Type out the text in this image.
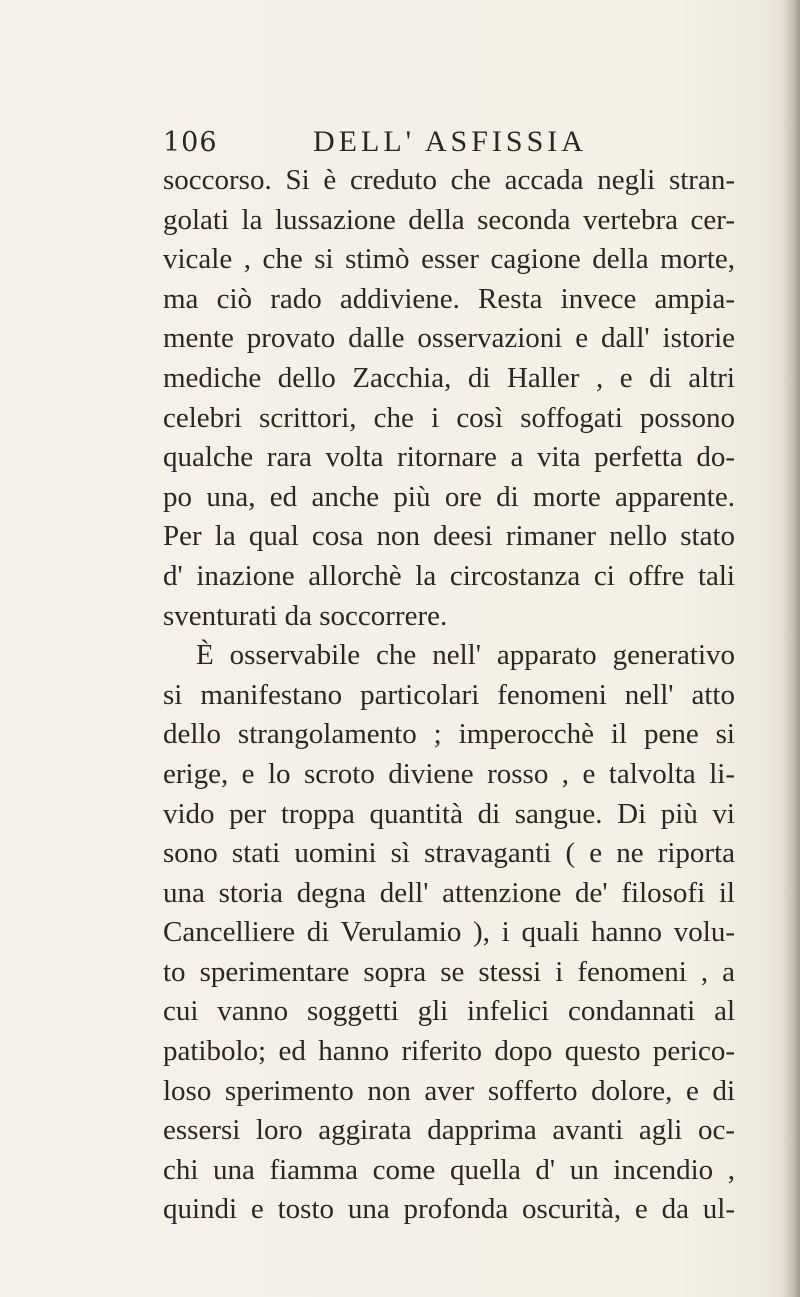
106	DELL' ASFISSIA
soccorso. Si è creduto che accada negli stran-
golati la lussazione della seconda vertebra cer-
vicale , che si stimò esser cagione della morte,
ma ciò rado addiviene. Resta invece ampia-
mente provato dalle osservazioni e dall' istorie
mediche dello Zacchia, di Haller , e di altri
celebri scrittori, che i così soffogati possono
qualche rara volta ritornare a vita perfetta do-
po una, ed anche più ore di morte apparente.
Per la qual cosa non deesi rimaner nello stato
d' inazione allorchè la circostanza ci offre tali
sventurati da soccorrere.
È osservabile che nell' apparato generativo
si manifestano particolari fenomeni nell' atto
dello strangolamento ; imperocchè il pene si
erige, e lo scroto diviene rosso , e talvolta li-
vido per troppa quantità di sangue. Di più vi
sono stati uomini sì stravaganti ( e ne riporta
una storia degna dell' attenzione de' filosofi il
Cancelliere di Verulamio ), i quali hanno volu-
to sperimentare sopra se stessi i fenomeni , a
cui vanno soggetti gli infelici condannati al
patibolo; ed hanno riferito dopo questo perico-
loso sperimento non aver sofferto dolore, e di
essersi loro aggirata dapprima avanti agli oc-
chi una fiamma come quella d' un incendio ,
quindi e tosto una profonda oscurità, e da ul-
